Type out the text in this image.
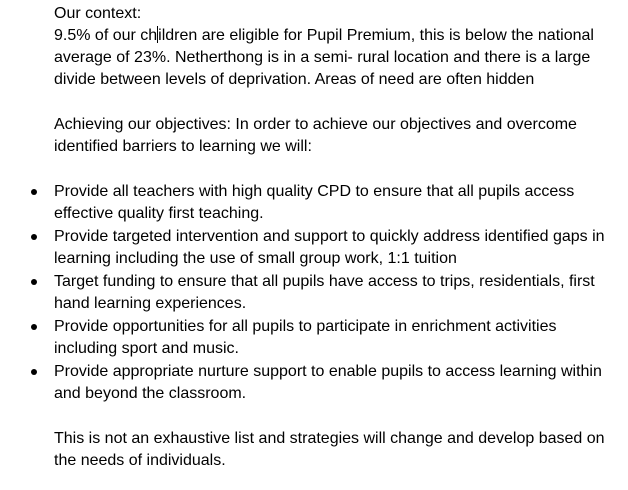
Our context:
9.5% of our children are eligible for Pupil Premium, this is below the national
average of 23%. Netherthong is in a semi- rural location and there is a large
divide between levels of deprivation. Areas of need are often hidden
Achieving our objectives: In order to achieve our objectives and overcome
identified barriers to learning we will:
Provide all teachers with high quality CPD to ensure that all pupils access
effective quality first teaching.
Provide targeted intervention and support to quickly address identified gaps in
learning including the use of small group work, 1:1 tuition
Target funding to ensure that all pupils have access to trips, residentials, first
hand learning experiences.
Provide opportunities for all pupils to participate in enrichment activities
including sport and music.
Provide appropriate nurture support to enable pupils to access learning within
and beyond the classroom.
This is not an exhaustive list and strategies will change and develop based on
the needs of individuals.
